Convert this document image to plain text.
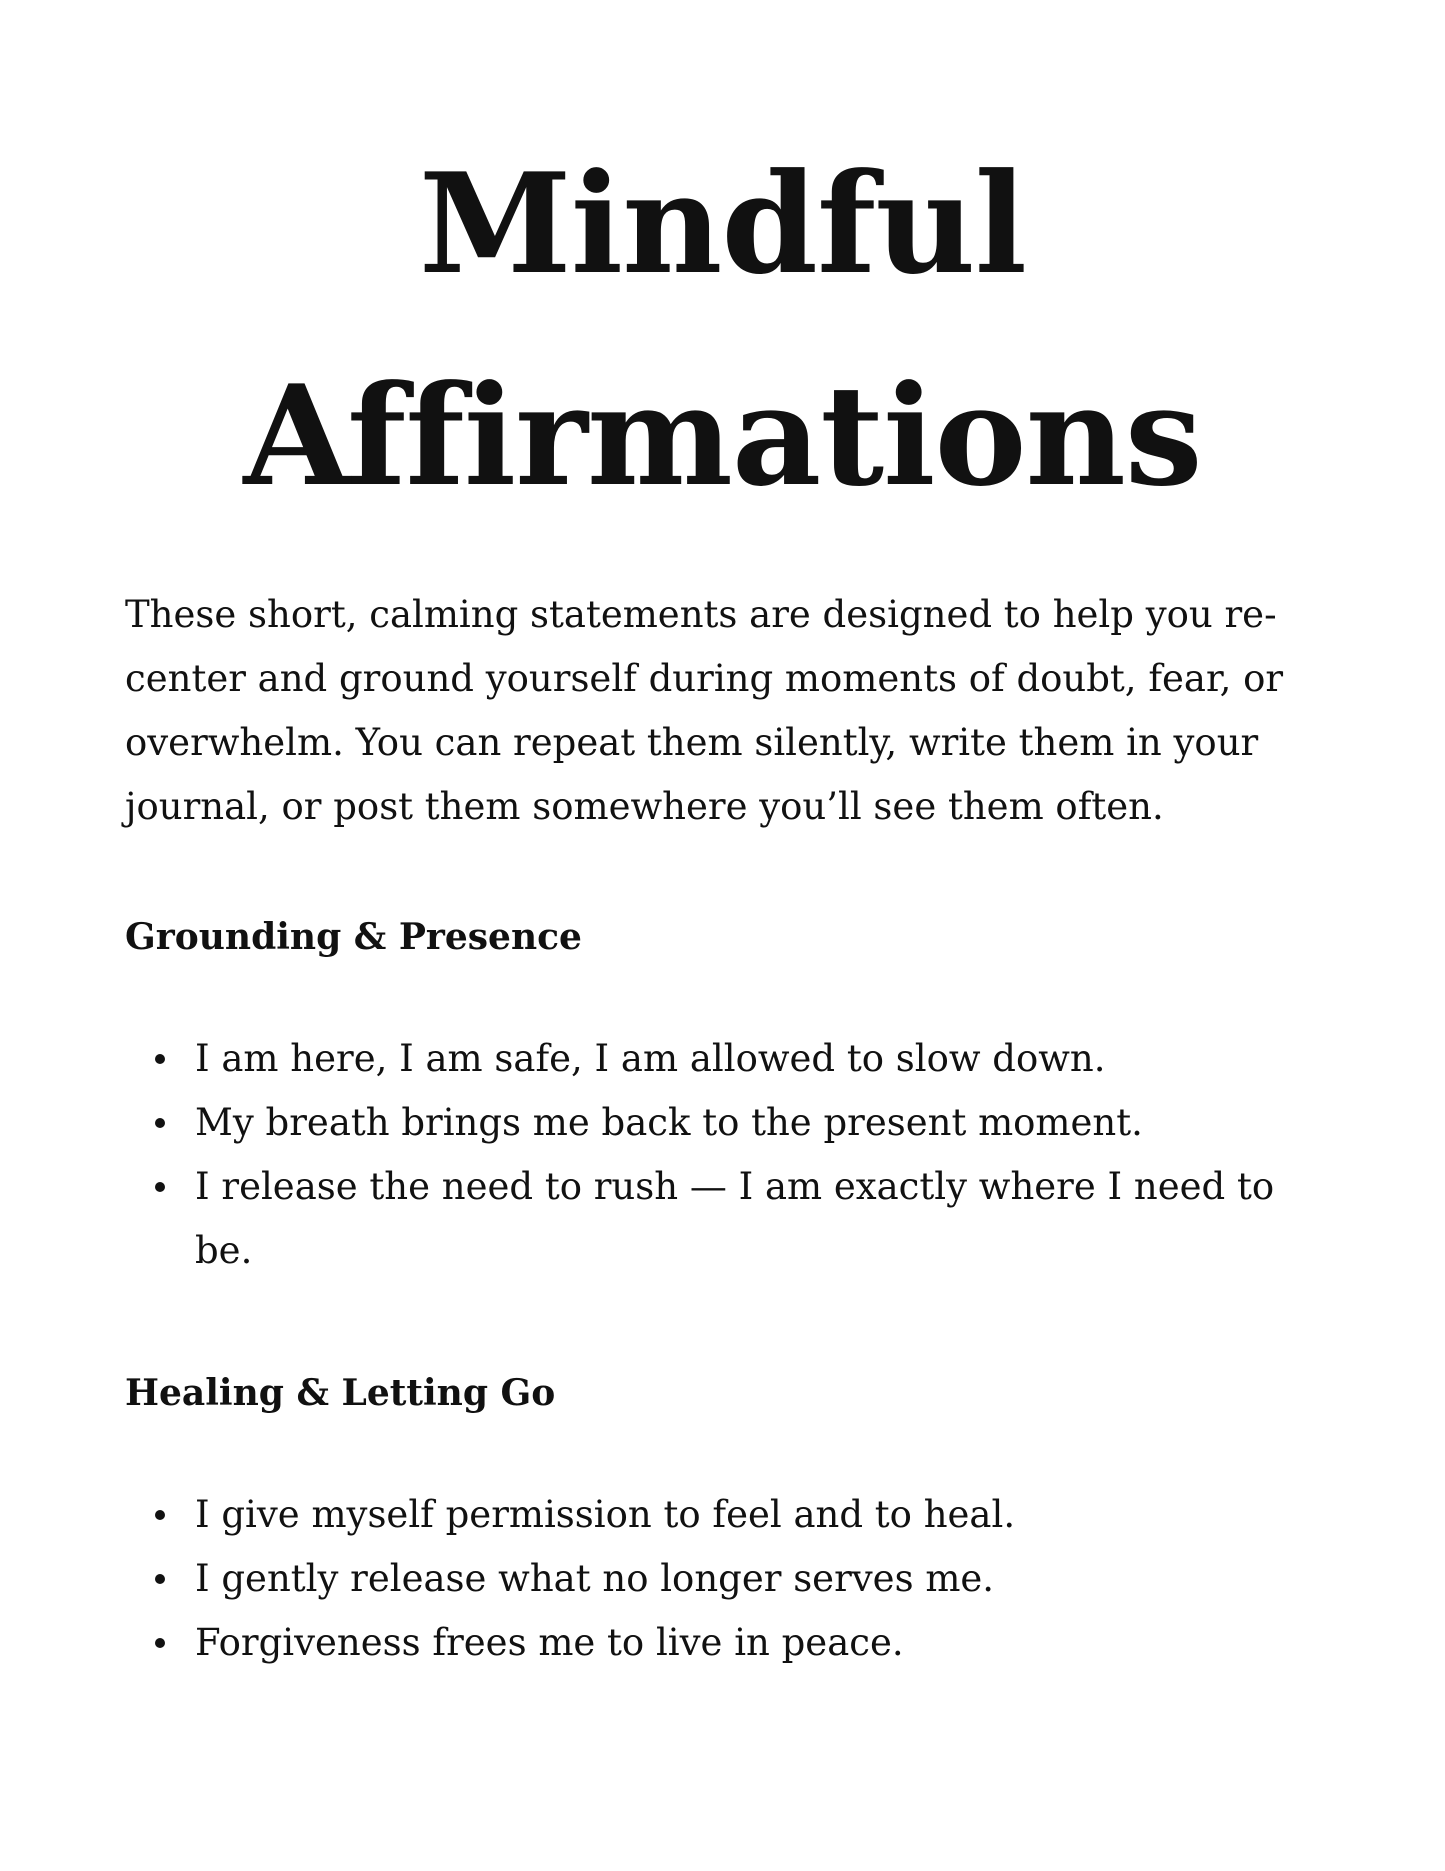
Mindful
Affirmations

These short, calming statements are designed to help you re-center and ground yourself during moments of doubt, fear, or overwhelm. You can repeat them silently, write them in your journal, or post them somewhere you’ll see them often.

Grounding & Presence
I am here, I am safe, I am allowed to slow down.
My breath brings me back to the present moment.
I release the need to rush — I am exactly where I need to be.
Healing & Letting Go
I give myself permission to feel and to heal.
I gently release what no longer serves me.
Forgiveness frees me to live in peace.
